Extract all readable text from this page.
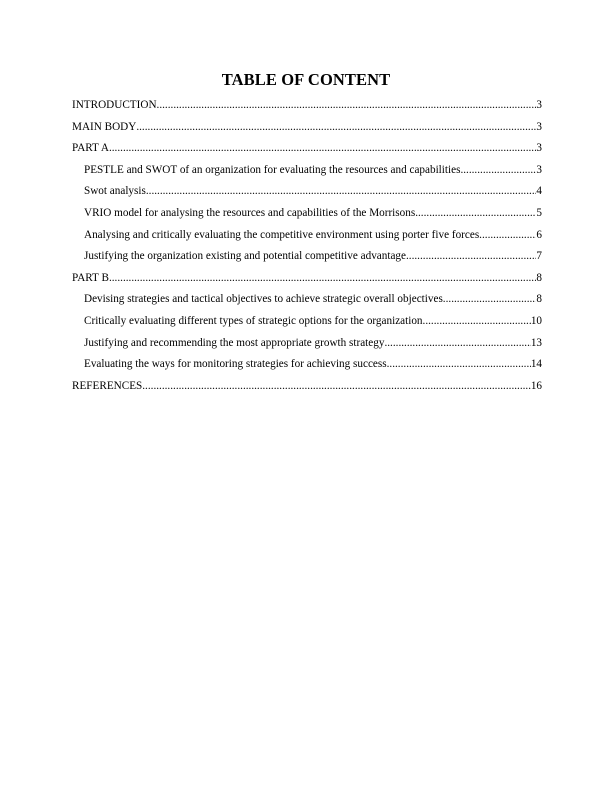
TABLE OF CONTENT
INTRODUCTION .....	3
MAIN BODY .....	3
PART A .....	3
PESTLE and SWOT of an organization for evaluating the resources and capabilities .....	3
Swot analysis .....	4
VRIO model for analysing the resources and capabilities of the Morrisons .....	5
Analysing and critically evaluating the competitive environment using porter five forces .....	6
Justifying the organization existing and potential competitive advantage .....	7
PART B .....	8
Devising strategies and tactical objectives to achieve strategic overall objectives .....	8
Critically evaluating different types of strategic options for the organization .....	10
Justifying and recommending the most appropriate growth strategy .....	13
Evaluating the ways for monitoring strategies for achieving success .....	14
REFERENCES .....	16
